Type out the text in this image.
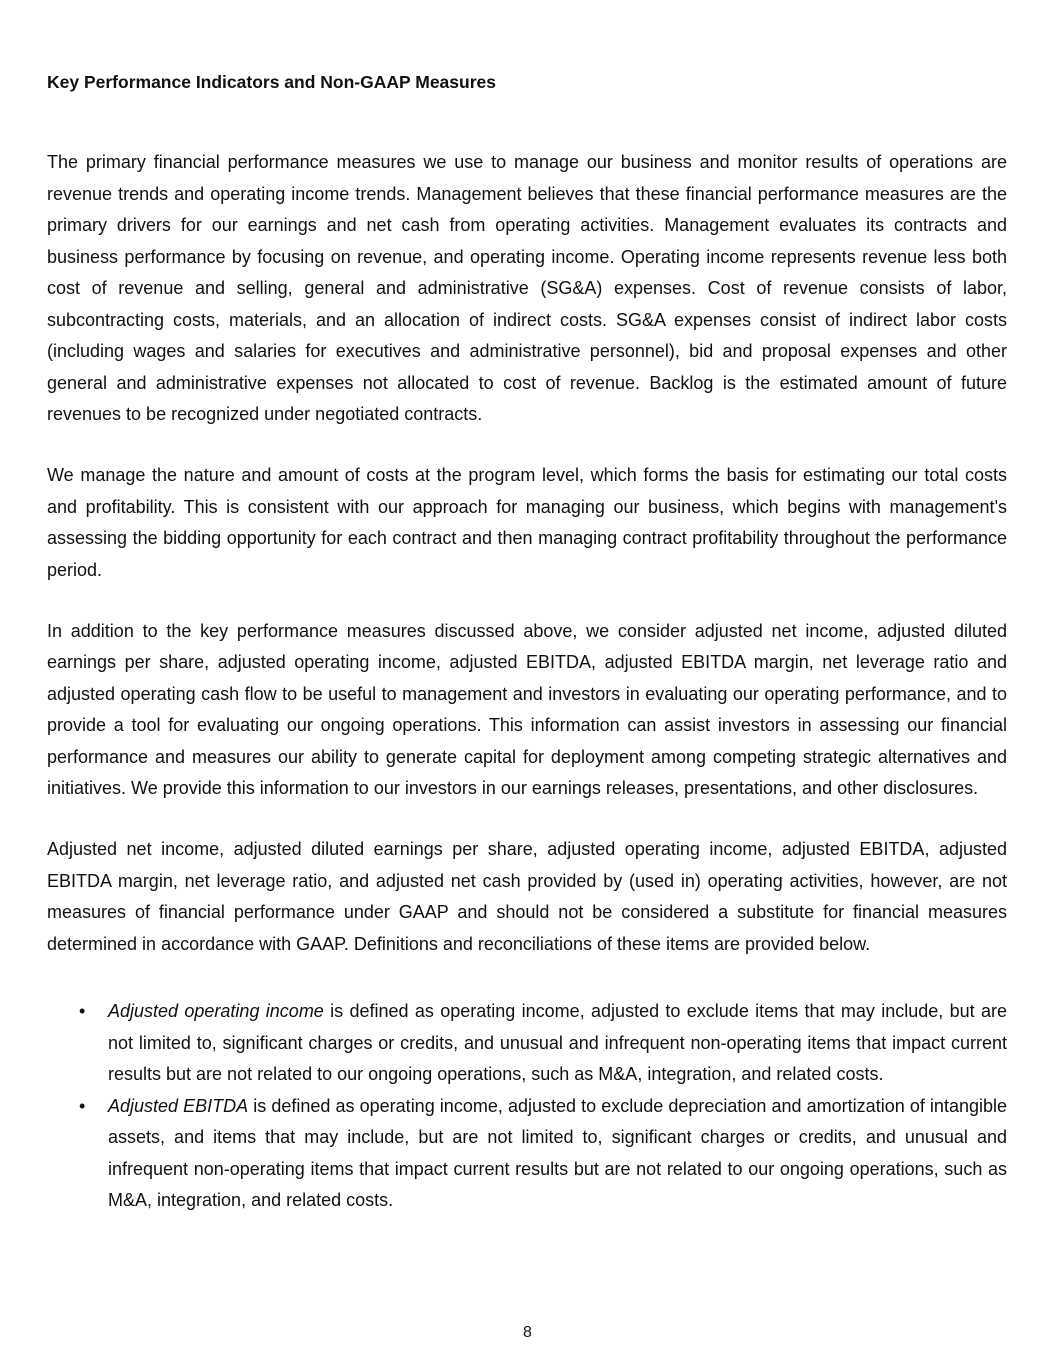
Key Performance Indicators and Non-GAAP Measures

The primary financial performance measures we use to manage our business and monitor results of operations are revenue trends and operating income trends. Management believes that these financial performance measures are the primary drivers for our earnings and net cash from operating activities. Management evaluates its contracts and business performance by focusing on revenue, and operating income. Operating income represents revenue less both cost of revenue and selling, general and administrative (SG&A) expenses. Cost of revenue consists of labor, subcontracting costs, materials, and an allocation of indirect costs. SG&A expenses consist of indirect labor costs (including wages and salaries for executives and administrative personnel), bid and proposal expenses and other general and administrative expenses not allocated to cost of revenue. Backlog is the estimated amount of future revenues to be recognized under negotiated contracts.

We manage the nature and amount of costs at the program level, which forms the basis for estimating our total costs and profitability. This is consistent with our approach for managing our business, which begins with management's assessing the bidding opportunity for each contract and then managing contract profitability throughout the performance period.

In addition to the key performance measures discussed above, we consider adjusted net income, adjusted diluted earnings per share, adjusted operating income, adjusted EBITDA, adjusted EBITDA margin, net leverage ratio and adjusted operating cash flow to be useful to management and investors in evaluating our operating performance, and to provide a tool for evaluating our ongoing operations. This information can assist investors in assessing our financial performance and measures our ability to generate capital for deployment among competing strategic alternatives and initiatives. We provide this information to our investors in our earnings releases, presentations, and other disclosures.

Adjusted net income, adjusted diluted earnings per share, adjusted operating income, adjusted EBITDA, adjusted EBITDA margin, net leverage ratio, and adjusted net cash provided by (used in) operating activities, however, are not measures of financial performance under GAAP and should not be considered a substitute for financial measures determined in accordance with GAAP. Definitions and reconciliations of these items are provided below.

• Adjusted operating income is defined as operating income, adjusted to exclude items that may include, but are not limited to, significant charges or credits, and unusual and infrequent non-operating items that impact current results but are not related to our ongoing operations, such as M&A, integration, and related costs.
• Adjusted EBITDA is defined as operating income, adjusted to exclude depreciation and amortization of intangible assets, and items that may include, but are not limited to, significant charges or credits, and unusual and infrequent non-operating items that impact current results but are not related to our ongoing operations, such as M&A, integration, and related costs.
8
